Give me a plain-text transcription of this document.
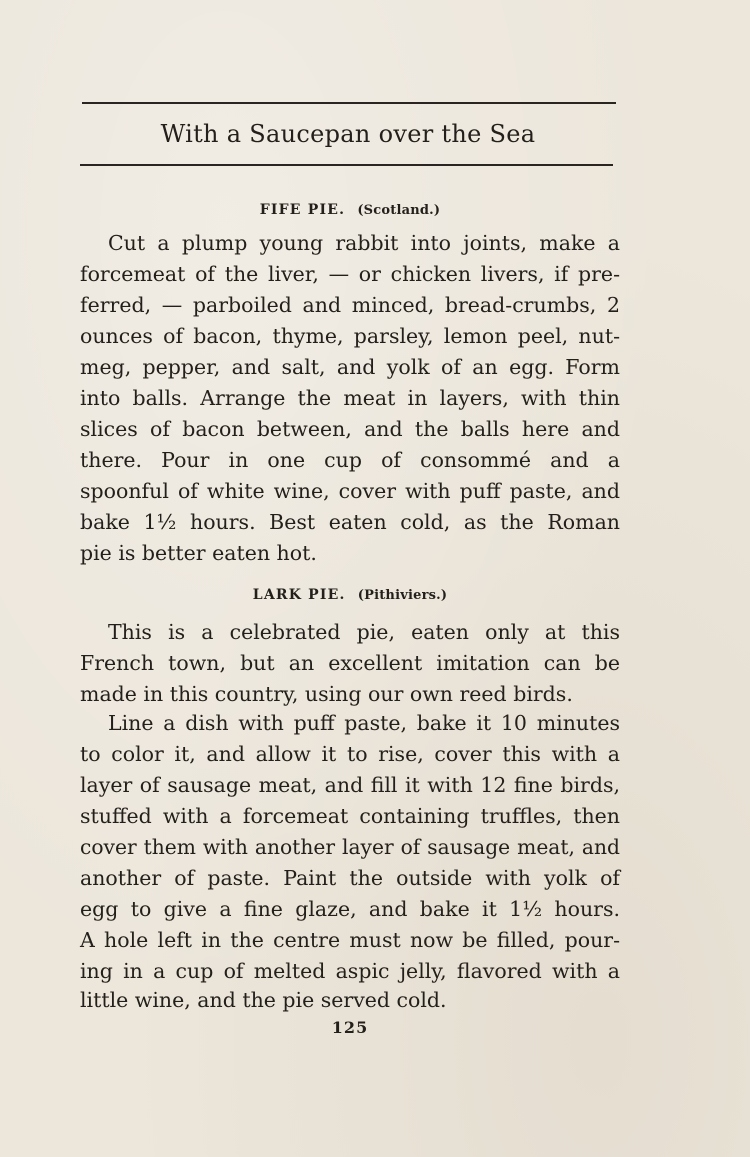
With a Saucepan over the Sea
FIFE PIE. (Scotland.)
Cut a plump young rabbit into joints, make a
forcemeat of the liver, — or chicken livers, if pre-
ferred, — parboiled and minced, bread-crumbs, 2
ounces of bacon, thyme, parsley, lemon peel, nut-
meg, pepper, and salt, and yolk of an egg. Form
into balls. Arrange the meat in layers, with thin
slices of bacon between, and the balls here and
there. Pour in one cup of consommé and a
spoonful of white wine, cover with puff paste, and
bake 1½ hours. Best eaten cold, as the Roman
pie is better eaten hot.
LARK PIE. (Pithiviers.)
This is a celebrated pie, eaten only at this
French town, but an excellent imitation can be
made in this country, using our own reed birds.
Line a dish with puff paste, bake it 10 minutes
to color it, and allow it to rise, cover this with a
layer of sausage meat, and fill it with 12 fine birds,
stuffed with a forcemeat containing truffles, then
cover them with another layer of sausage meat, and
another of paste. Paint the outside with yolk of
egg to give a fine glaze, and bake it 1½ hours.
A hole left in the centre must now be filled, pour-
ing in a cup of melted aspic jelly, flavored with a
little wine, and the pie served cold.
125
